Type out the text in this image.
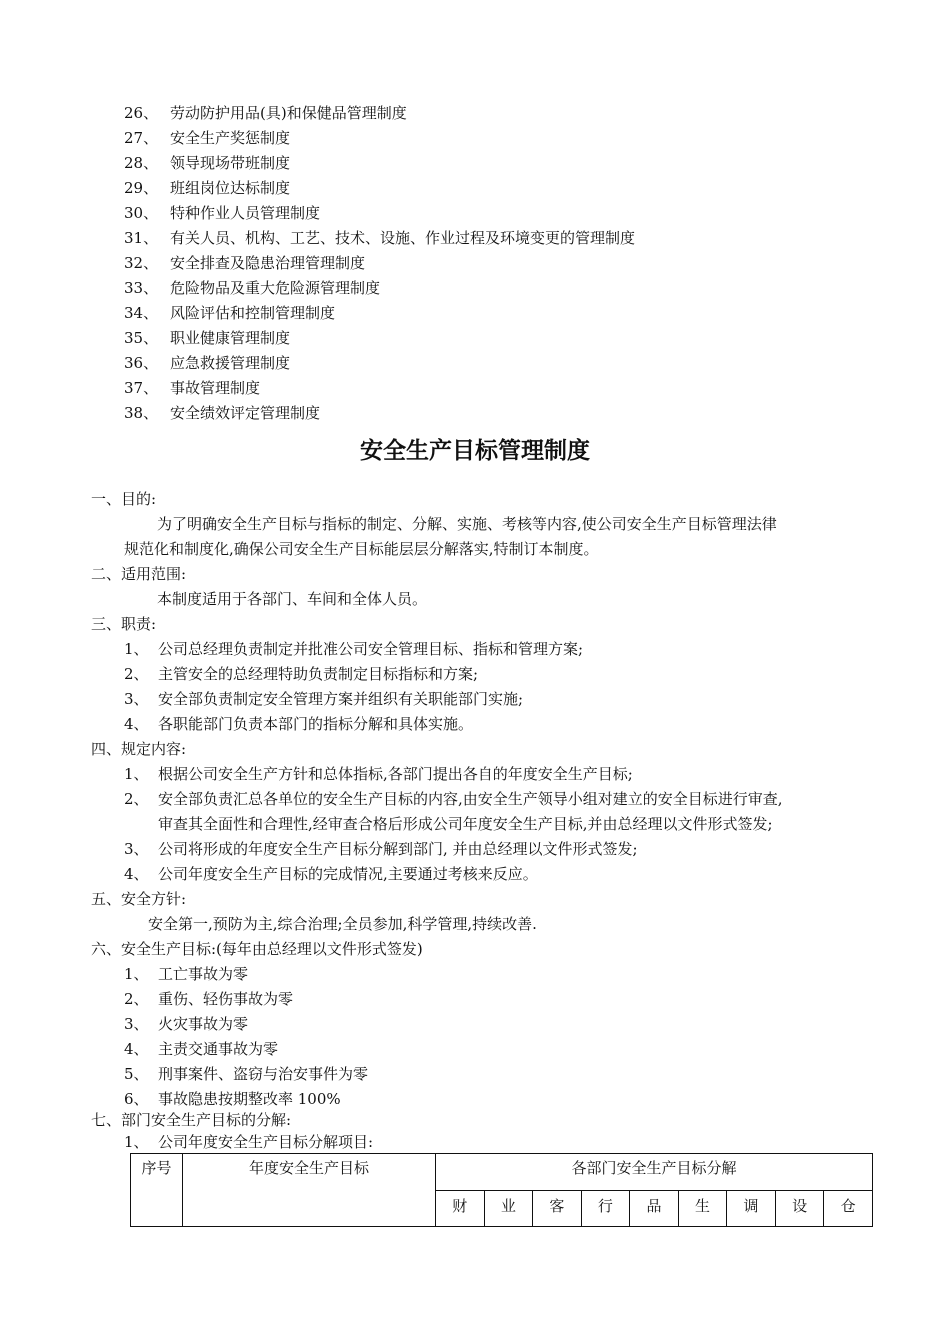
26、 劳动防护用品(具)和保健品管理制度
27、 安全生产奖惩制度
28、 领导现场带班制度
29、 班组岗位达标制度
30、 特种作业人员管理制度
31、 有关人员、机构、工艺、技术、设施、作业过程及环境变更的管理制度
32、 安全排查及隐患治理管理制度
33、 危险物品及重大危险源管理制度
34、 风险评估和控制管理制度
35、 职业健康管理制度
36、 应急救援管理制度
37、 事故管理制度
38、 安全绩效评定管理制度
安全生产目标管理制度
一、目的:
为了明确安全生产目标与指标的制定、分解、实施、考核等内容,使公司安全生产目标管理法律
规范化和制度化,确保公司安全生产目标能层层分解落实,特制订本制度。
二、适用范围:
本制度适用于各部门、车间和全体人员。
三、职责:
1、 公司总经理负责制定并批准公司安全管理目标、指标和管理方案;
2、 主管安全的总经理特助负责制定目标指标和方案;
3、 安全部负责制定安全管理方案并组织有关职能部门实施;
4、 各职能部门负责本部门的指标分解和具体实施。
四、规定内容:
1、 根据公司安全生产方针和总体指标,各部门提出各自的年度安全生产目标;
2、 安全部负责汇总各单位的安全生产目标的内容,由安全生产领导小组对建立的安全目标进行审查,
审查其全面性和合理性,经审查合格后形成公司年度安全生产目标,并由总经理以文件形式签发;
3、 公司将形成的年度安全生产目标分解到部门, 并由总经理以文件形式签发;
4、 公司年度安全生产目标的完成情况,主要通过考核来反应。
五、安全方针:
安全第一,预防为主,综合治理;全员参加,科学管理,持续改善.
六、安全生产目标:(每年由总经理以文件形式签发)
1、 工亡事故为零
2、 重伤、轻伤事故为零
3、 火灾事故为零
4、 主责交通事故为零
5、 刑事案件、盗窃与治安事件为零
6、 事故隐患按期整改率 100%
七、部门安全生产目标的分解:
1、 公司年度安全生产目标分解项目:
序号	年度安全生产目标	各部门安全生产目标分解								
		财	业	客	行	品	生	调	设	仓
